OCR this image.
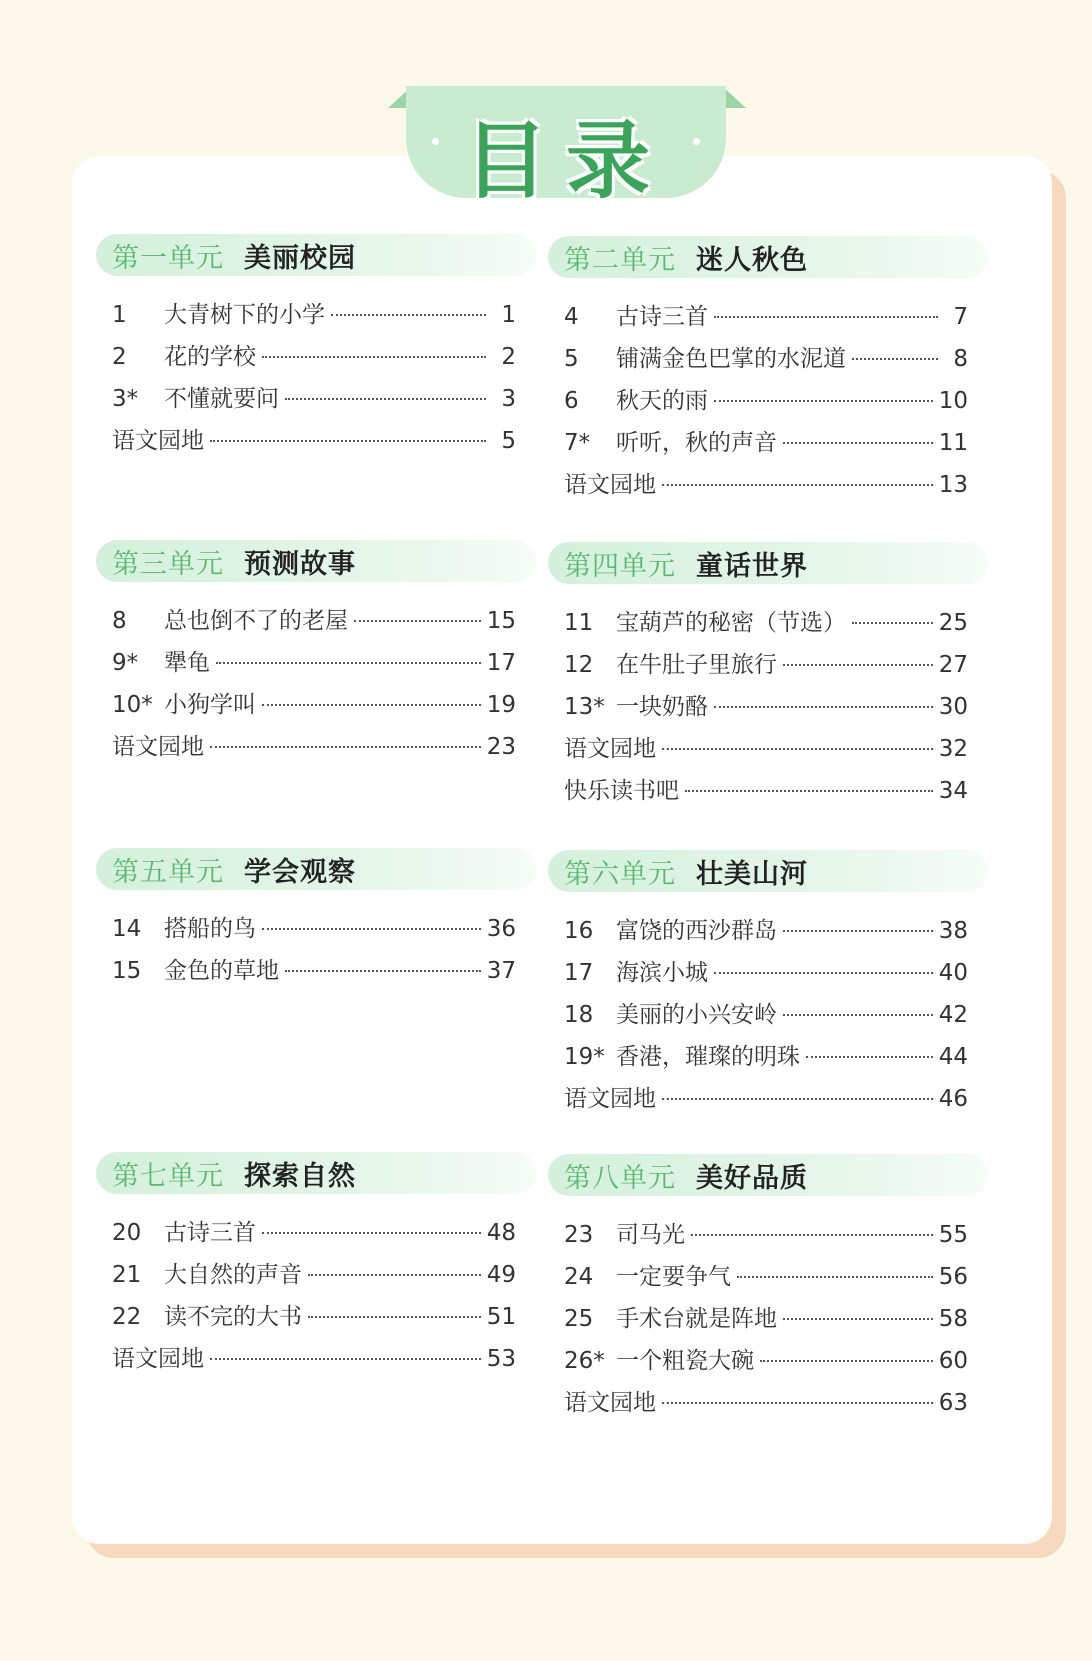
目录
第一单元 美丽校园
1	大青树下的小学	1
2	花的学校	2
3*	不懂就要问	3
语文园地	5
第二单元 迷人秋色
4	古诗三首	7
5	铺满金色巴掌的水泥道	8
6	秋天的雨	10
7*	听听，秋的声音	11
语文园地	13
第三单元 预测故事
8	总也倒不了的老屋	15
9*	犟龟	17
10* 小狗学叫	19
语文园地	23
第四单元 童话世界
11 宝葫芦的秘密（节选）	25
12 在牛肚子里旅行	27
13* 一块奶酪	30
语文园地	32
快乐读书吧	34
第五单元 学会观察
14 搭船的鸟	36
15 金色的草地	37
第六单元 壮美山河
16 富饶的西沙群岛	38
17 海滨小城	40
18 美丽的小兴安岭	42
19* 香港，璀璨的明珠	44
语文园地	46
第七单元 探索自然
20 古诗三首	48
21 大自然的声音	49
22 读不完的大书	51
语文园地	53
第八单元 美好品质
23 司马光	55
24 一定要争气	56
25 手术台就是阵地	58
26* 一个粗瓷大碗	60
语文园地	63
